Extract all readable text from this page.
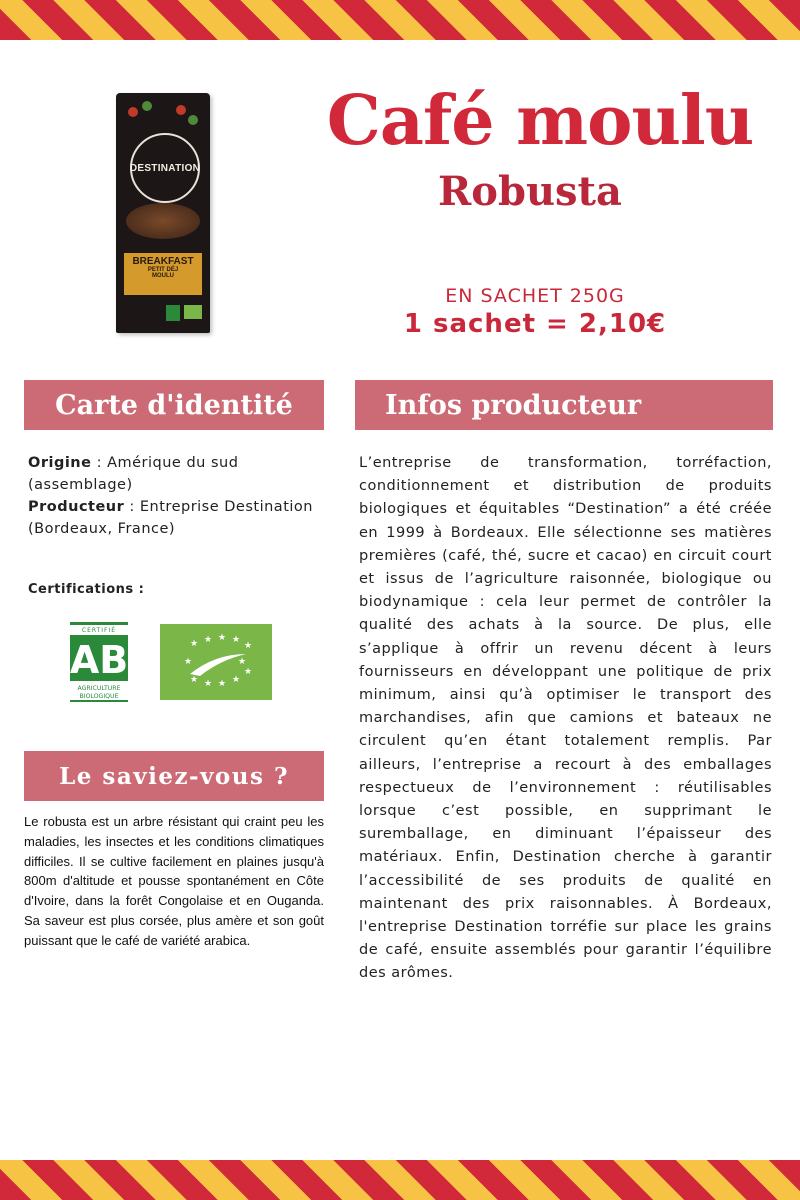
DESTINATION
BREAKFAST
PETIT DÉJ
MOULU
Café moulu
Robusta
EN SACHET 250G
1 sachet = 2,10€
Carte d'identité	Infos producteur
Origine : Amérique du sud (assemblage)
Producteur : Entreprise Destination (Bordeaux, France)
Certifications :
CERTIFIÉ
AB
AGRICULTURE
BIOLOGIQUE
★ ★ ★ ★
★
★	★
★ ★ ★ ★
★
Le saviez-vous ?
Le robusta est un arbre résistant qui craint peu les maladies, les insectes et les conditions climatiques difficiles. Il se cultive facilement en plaines jusqu'à 800m d'altitude et pousse spontanément en Côte d'Ivoire, dans la forêt Congolaise et en Ouganda. Sa saveur est plus corsée, plus amère et son goût puissant que le café de variété arabica.
L’entreprise de transformation, torréfaction, conditionnement et distribution de produits biologiques et équitables “Destination” a été créée en 1999 à Bordeaux. Elle sélectionne ses matières premières (café, thé, sucre et cacao) en circuit court et issus de l’agriculture raisonnée, biologique ou biodynamique : cela leur permet de contrôler la qualité des achats à la source. De plus, elle s’applique à offrir un revenu décent à leurs fournisseurs en développant une politique de prix minimum, ainsi qu’à optimiser le transport des marchandises, afin que camions et bateaux ne circulent qu’en étant totalement remplis. Par ailleurs, l’entreprise a recourt à des emballages respectueux de l’environnement : réutilisables lorsque c’est possible, en supprimant le suremballage, en diminuant l’épaisseur des matériaux. Enfin, Destination cherche à garantir l’accessibilité de ses produits de qualité en maintenant des prix raisonnables. À Bordeaux, l'entreprise Destination torréfie sur place les grains de café, ensuite assemblés pour garantir l’équilibre des arômes.
